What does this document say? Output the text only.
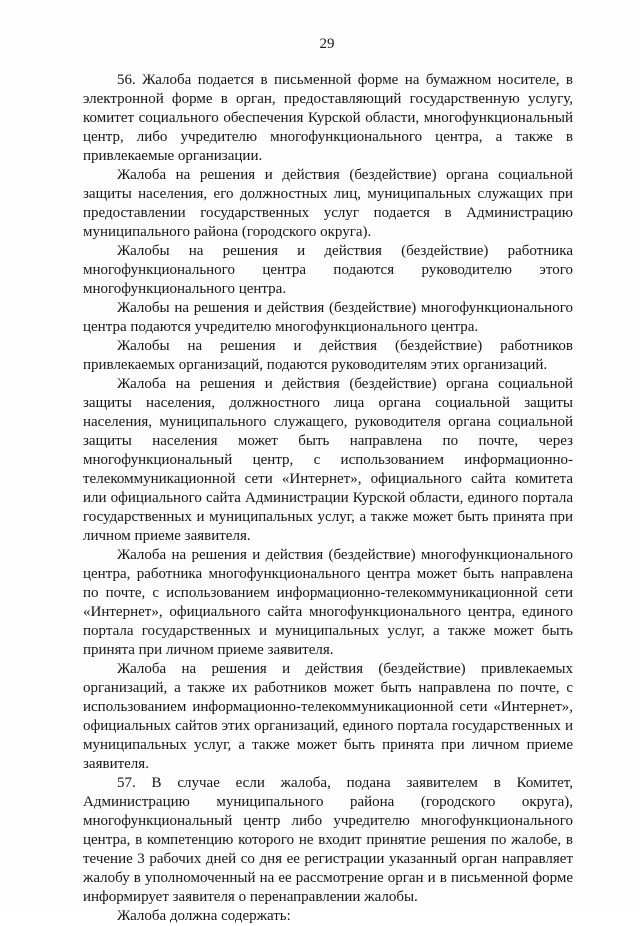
29

56. Жалоба подается в письменной форме на бумажном носителе, в электронной форме в орган, предоставляющий государственную услугу, комитет социального обеспечения Курской области, многофункциональный центр, либо учредителю многофункционального центра, а также в привлекаемые организации.

Жалоба на решения и действия (бездействие) органа социальной защиты населения, его должностных лиц, муниципальных служащих при предоставлении государственных услуг подается в Администрацию муниципального района (городского округа).

Жалобы на решения и действия (бездействие) работника многофункционального центра подаются руководителю этого многофункционального центра.

Жалобы на решения и действия (бездействие) многофункционального центра подаются учредителю многофункционального центра.

Жалобы на решения и действия (бездействие) работников привлекаемых организаций, подаются руководителям этих организаций.

Жалоба на решения и действия (бездействие) органа социальной защиты населения, должностного лица органа социальной защиты населения, муниципального служащего, руководителя органа социальной защиты населения может быть направлена по почте, через многофункциональный центр, с использованием информационно-телекоммуникационной сети «Интернет», официального сайта комитета или официального сайта Администрации Курской области, единого портала государственных и муниципальных услуг, а также может быть принята при личном приеме заявителя.

Жалоба на решения и действия (бездействие) многофункционального центра, работника многофункционального центра может быть направлена по почте, с использованием информационно-телекоммуникационной сети «Интернет», официального сайта многофункционального центра, единого портала государственных и муниципальных услуг, а также может быть принята при личном приеме заявителя.

Жалоба на решения и действия (бездействие) привлекаемых организаций, а также их работников может быть направлена по почте, с использованием информационно-телекоммуникационной сети «Интернет», официальных сайтов этих организаций, единого портала государственных и муниципальных услуг, а также может быть принята при личном приеме заявителя.

57. В случае если жалоба, подана заявителем в Комитет, Администрацию муниципального района (городского округа), многофункциональный центр либо учредителю многофункционального центра, в компетенцию которого не входит принятие решения по жалобе, в течение 3 рабочих дней со дня ее регистрации указанный орган направляет жалобу в уполномоченный на ее рассмотрение орган и в письменной форме информирует заявителя о перенаправлении жалобы.

Жалоба должна содержать:
